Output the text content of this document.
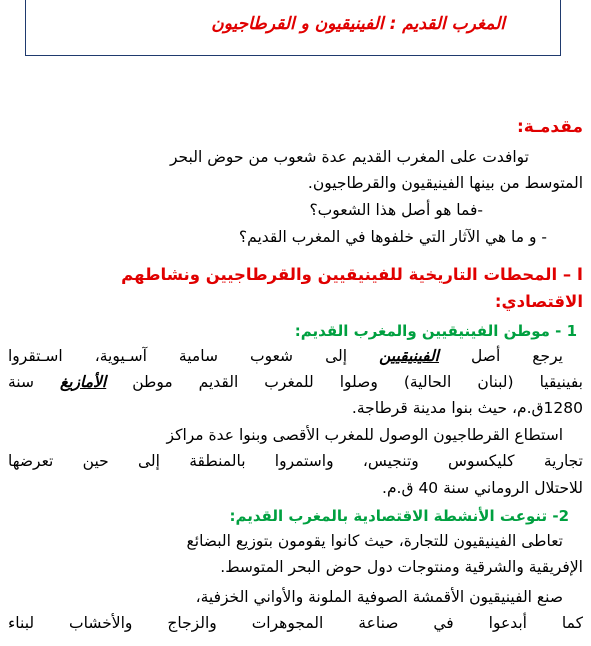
المغرب القديم : الفينيقيون و القرطاجيون
مقدمـة:
توافدت على المغرب القديم عدة شعوب من حوض البحر
المتوسط من بينها الفينيقيون والقرطاجيون.
-فما هو أصل هذا الشعوب؟
- و ما هي الآثار التي خلفوها في المغرب القديم؟
I – المحطات التاريخية للفينيقيين والقرطاجيين ونشاطهم
الاقتصادي:
1 - موطن الفينيقيين والمغرب القديم:
يرجع أصل الفينيقيين إلى شعوب سامية آسـيوية، اسـتقروا
بفينيقيا (لبنان الحالية) وصلوا للمغرب القديم موطن الأمازيغ سنة
1280ق.م، حيث بنوا مدينة قرطاجة.
استطاع القرطاجيون الوصول للمغرب الأقصى وبنوا عدة مراكز
تجارية كليكسوس وتنجيس، واستمروا بالمنطقة إلى حين تعرضها
للاحتلال الروماني سنة 40 ق.م.
2- تنوعت الأنشطة الاقتصادية بالمغرب القديم:
تعاطى الفينيقيون للتجارة، حيث كانوا يقومون بتوزيع البضائع
الإفريقية والشرقية ومنتوجات دول حوض البحر المتوسط.
صنع الفينيقيون الأقمشة الصوفية الملونة والأواني الخزفية،
كما أبدعوا في صناعة المجوهرات والزجاج والأخشاب لبناء
